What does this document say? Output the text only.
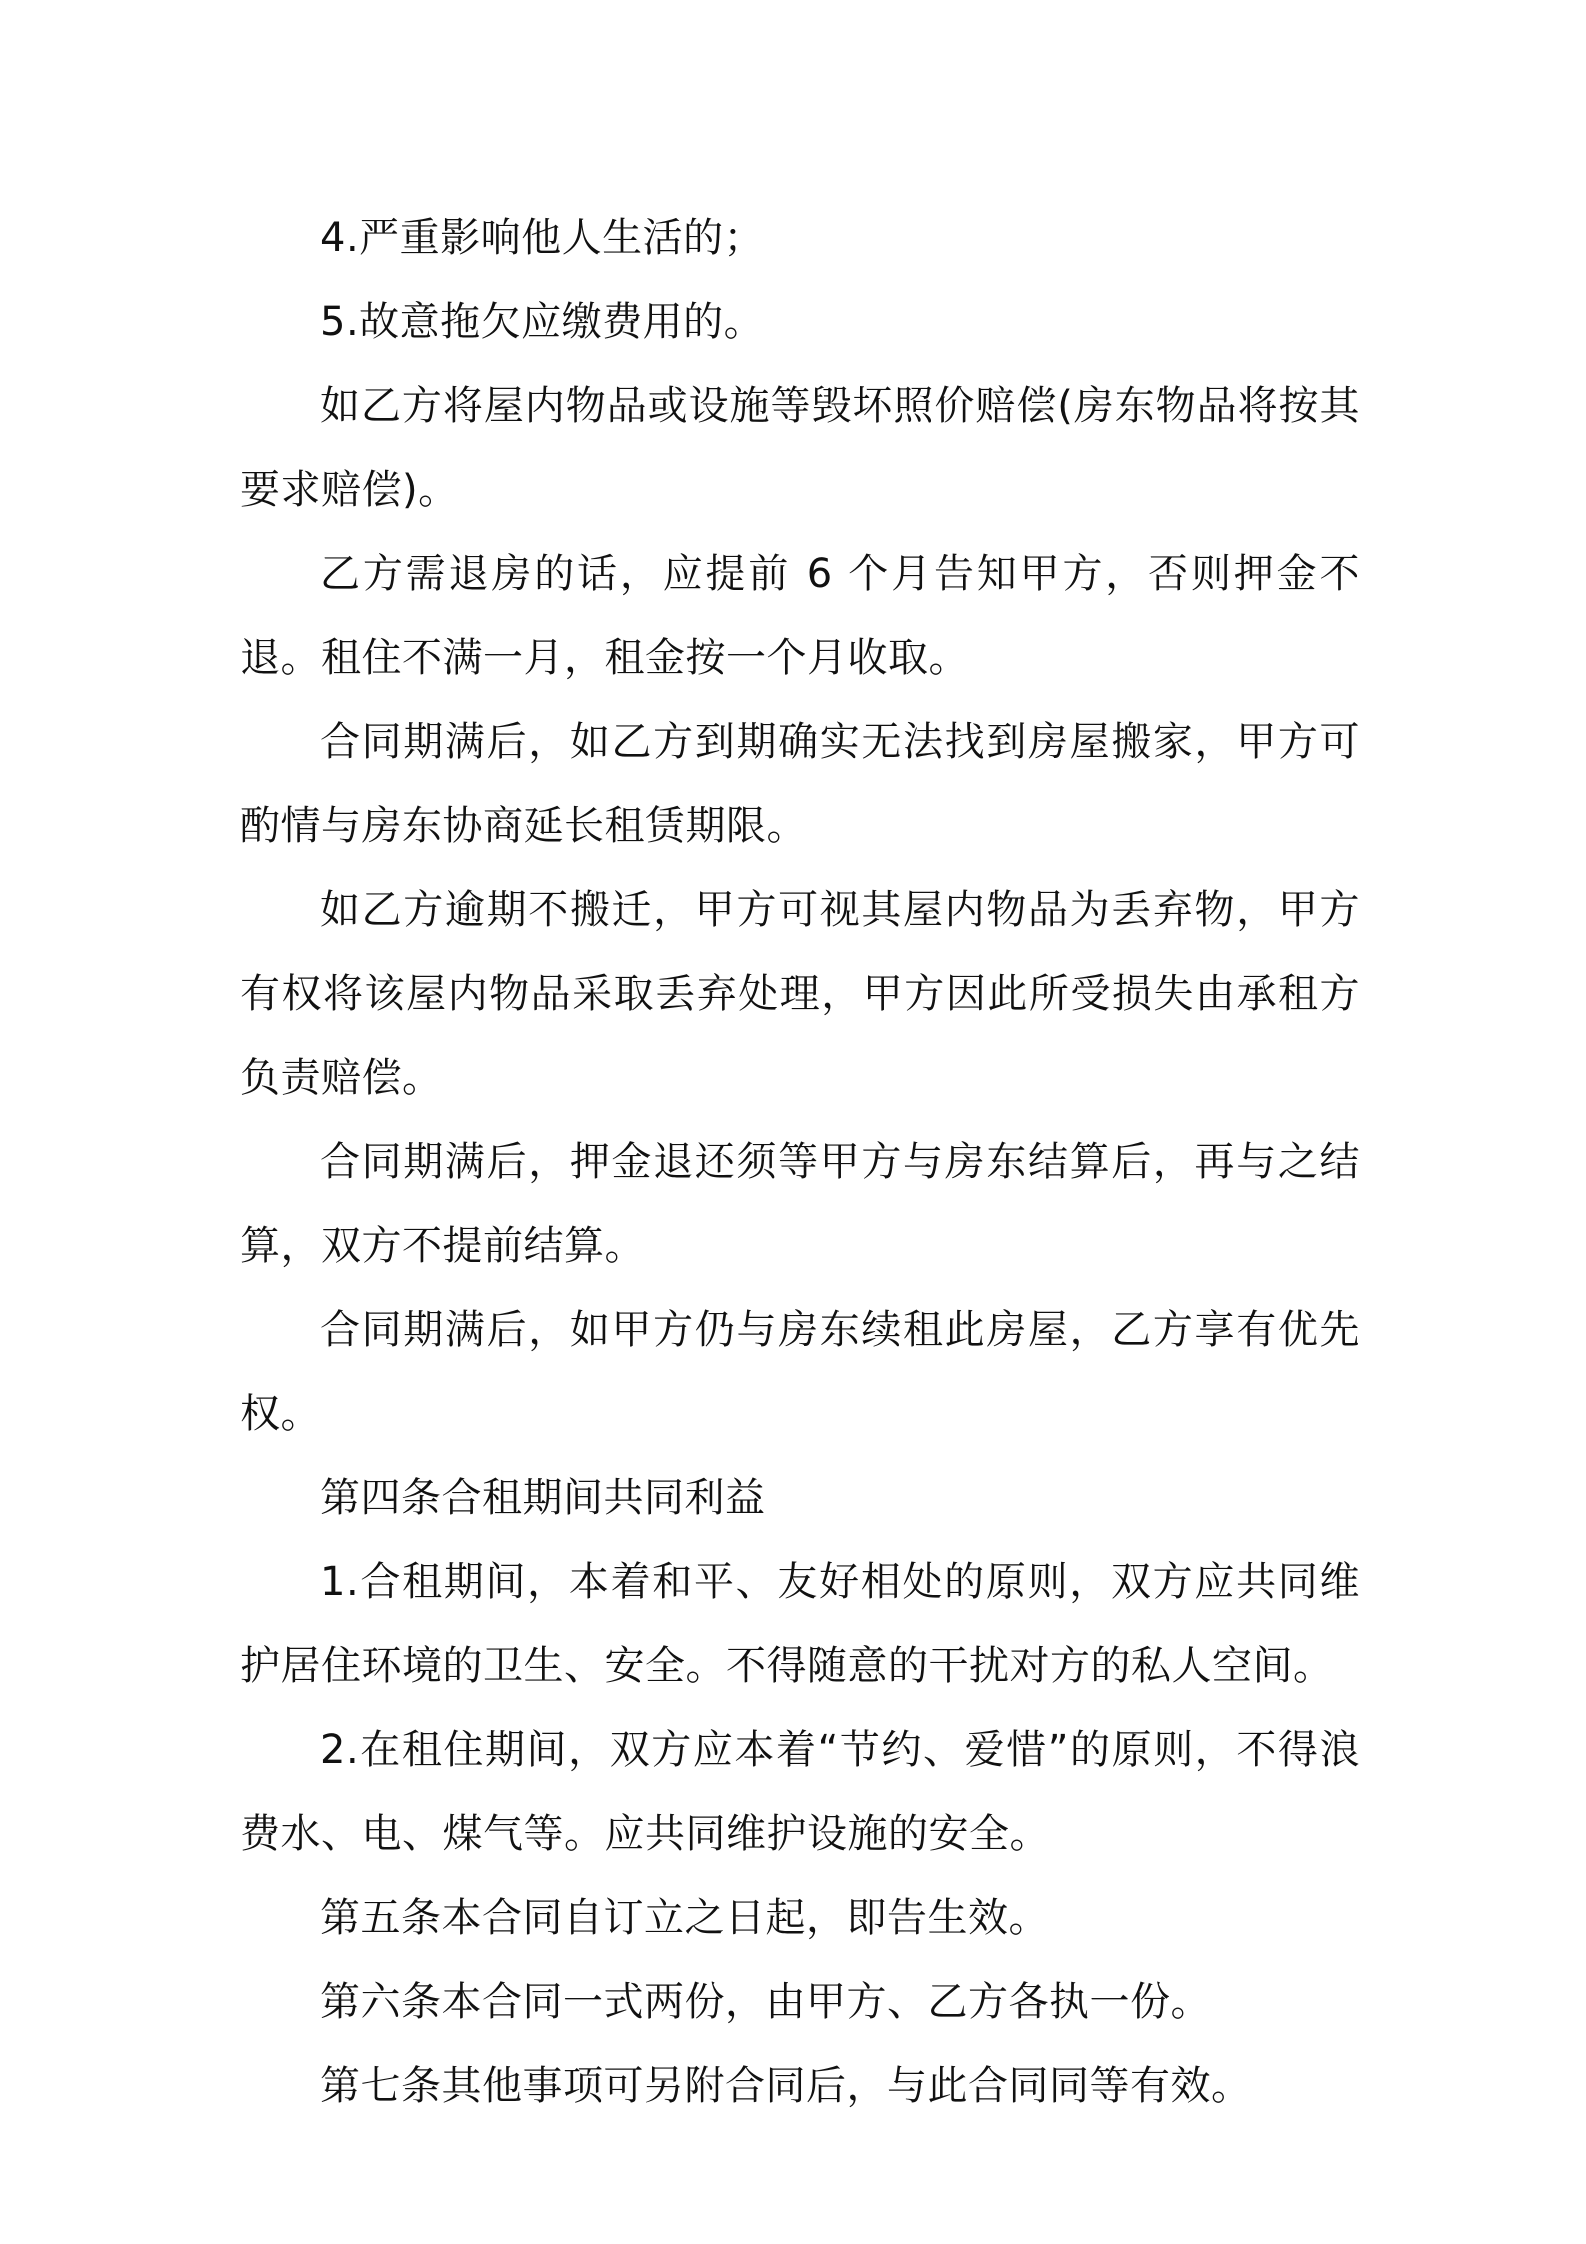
4.严重影响他人生活的；

5.故意拖欠应缴费用的。

如乙方将屋内物品或设施等毁坏照价赔偿(房东物品将按其要求赔偿)。

乙方需退房的话，应提前 6 个月告知甲方，否则押金不退。租住不满一月，租金按一个月收取。

合同期满后，如乙方到期确实无法找到房屋搬家，甲方可酌情与房东协商延长租赁期限。

如乙方逾期不搬迁，甲方可视其屋内物品为丢弃物，甲方有权将该屋内物品采取丢弃处理，甲方因此所受损失由承租方负责赔偿。

合同期满后，押金退还须等甲方与房东结算后，再与之结算，双方不提前结算。

合同期满后，如甲方仍与房东续租此房屋，乙方享有优先权。

第四条合租期间共同利益

1.合租期间，本着和平、友好相处的原则，双方应共同维护居住环境的卫生、安全。不得随意的干扰对方的私人空间。

2.在租住期间，双方应本着“节约、爱惜”的原则，不得浪费水、电、煤气等。应共同维护设施的安全。

第五条本合同自订立之日起，即告生效。

第六条本合同一式两份，由甲方、乙方各执一份。

第七条其他事项可另附合同后，与此合同同等有效。
